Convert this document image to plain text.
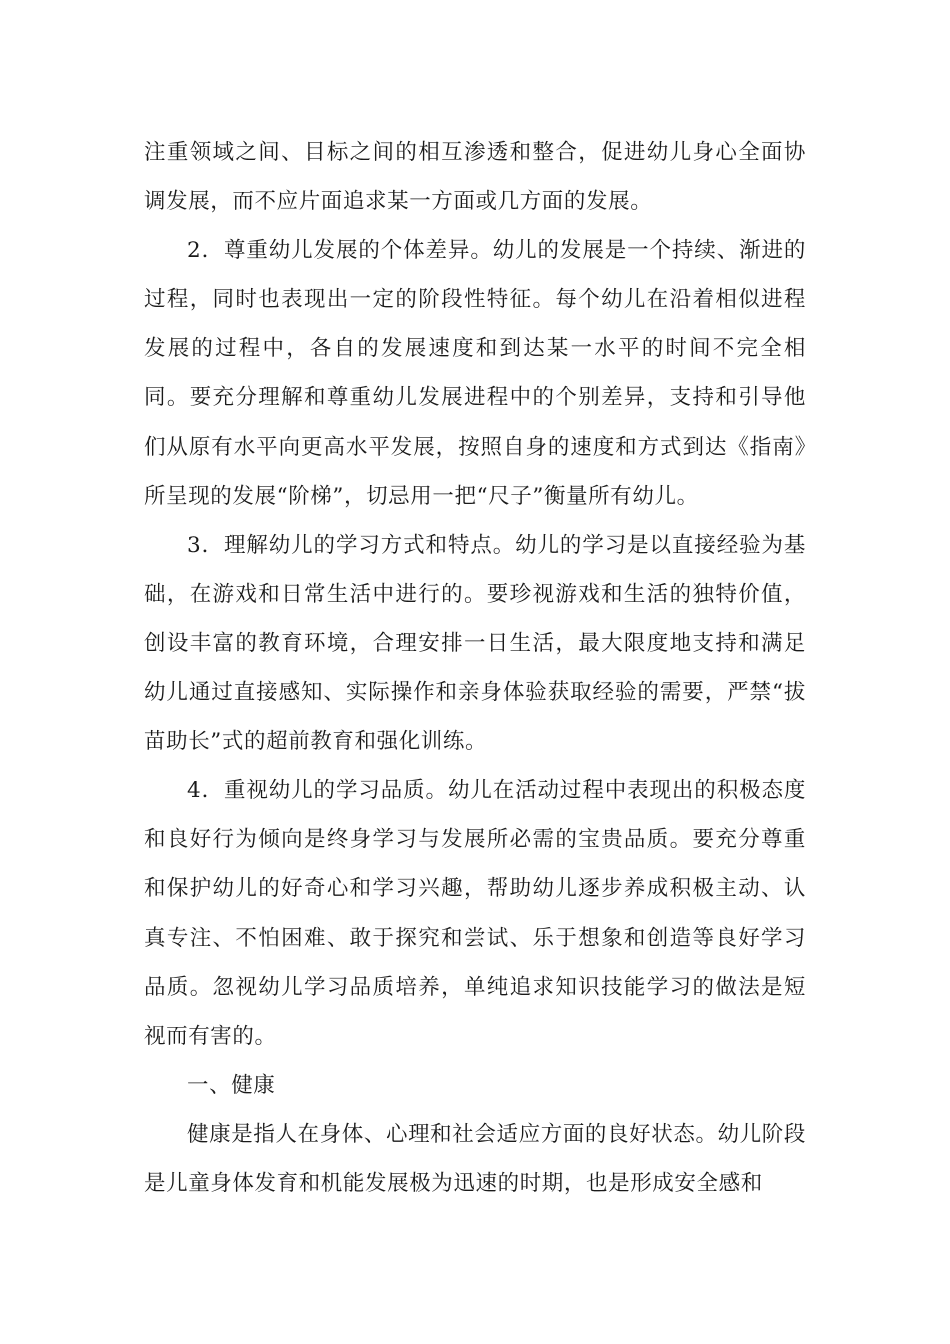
注重领域之间、目标之间的相互渗透和整合，促进幼儿身心全面协调发展，而不应片面追求某一方面或几方面的发展。

2．尊重幼儿发展的个体差异。幼儿的发展是一个持续、渐进的过程，同时也表现出一定的阶段性特征。每个幼儿在沿着相似进程发展的过程中，各自的发展速度和到达某一水平的时间不完全相同。要充分理解和尊重幼儿发展进程中的个别差异，支持和引导他们从原有水平向更高水平发展，按照自身的速度和方式到达《指南》所呈现的发展“阶梯”，切忌用一把“尺子”衡量所有幼儿。

3．理解幼儿的学习方式和特点。幼儿的学习是以直接经验为基础，在游戏和日常生活中进行的。要珍视游戏和生活的独特价值，创设丰富的教育环境，合理安排一日生活，最大限度地支持和满足幼儿通过直接感知、实际操作和亲身体验获取经验的需要，严禁“拔苗助长”式的超前教育和强化训练。

4．重视幼儿的学习品质。幼儿在活动过程中表现出的积极态度和良好行为倾向是终身学习与发展所必需的宝贵品质。要充分尊重和保护幼儿的好奇心和学习兴趣，帮助幼儿逐步养成积极主动、认真专注、不怕困难、敢于探究和尝试、乐于想象和创造等良好学习品质。忽视幼儿学习品质培养，单纯追求知识技能学习的做法是短视而有害的。

一、健康

健康是指人在身体、心理和社会适应方面的良好状态。幼儿阶段是儿童身体发育和机能发展极为迅速的时期，也是形成安全感和
